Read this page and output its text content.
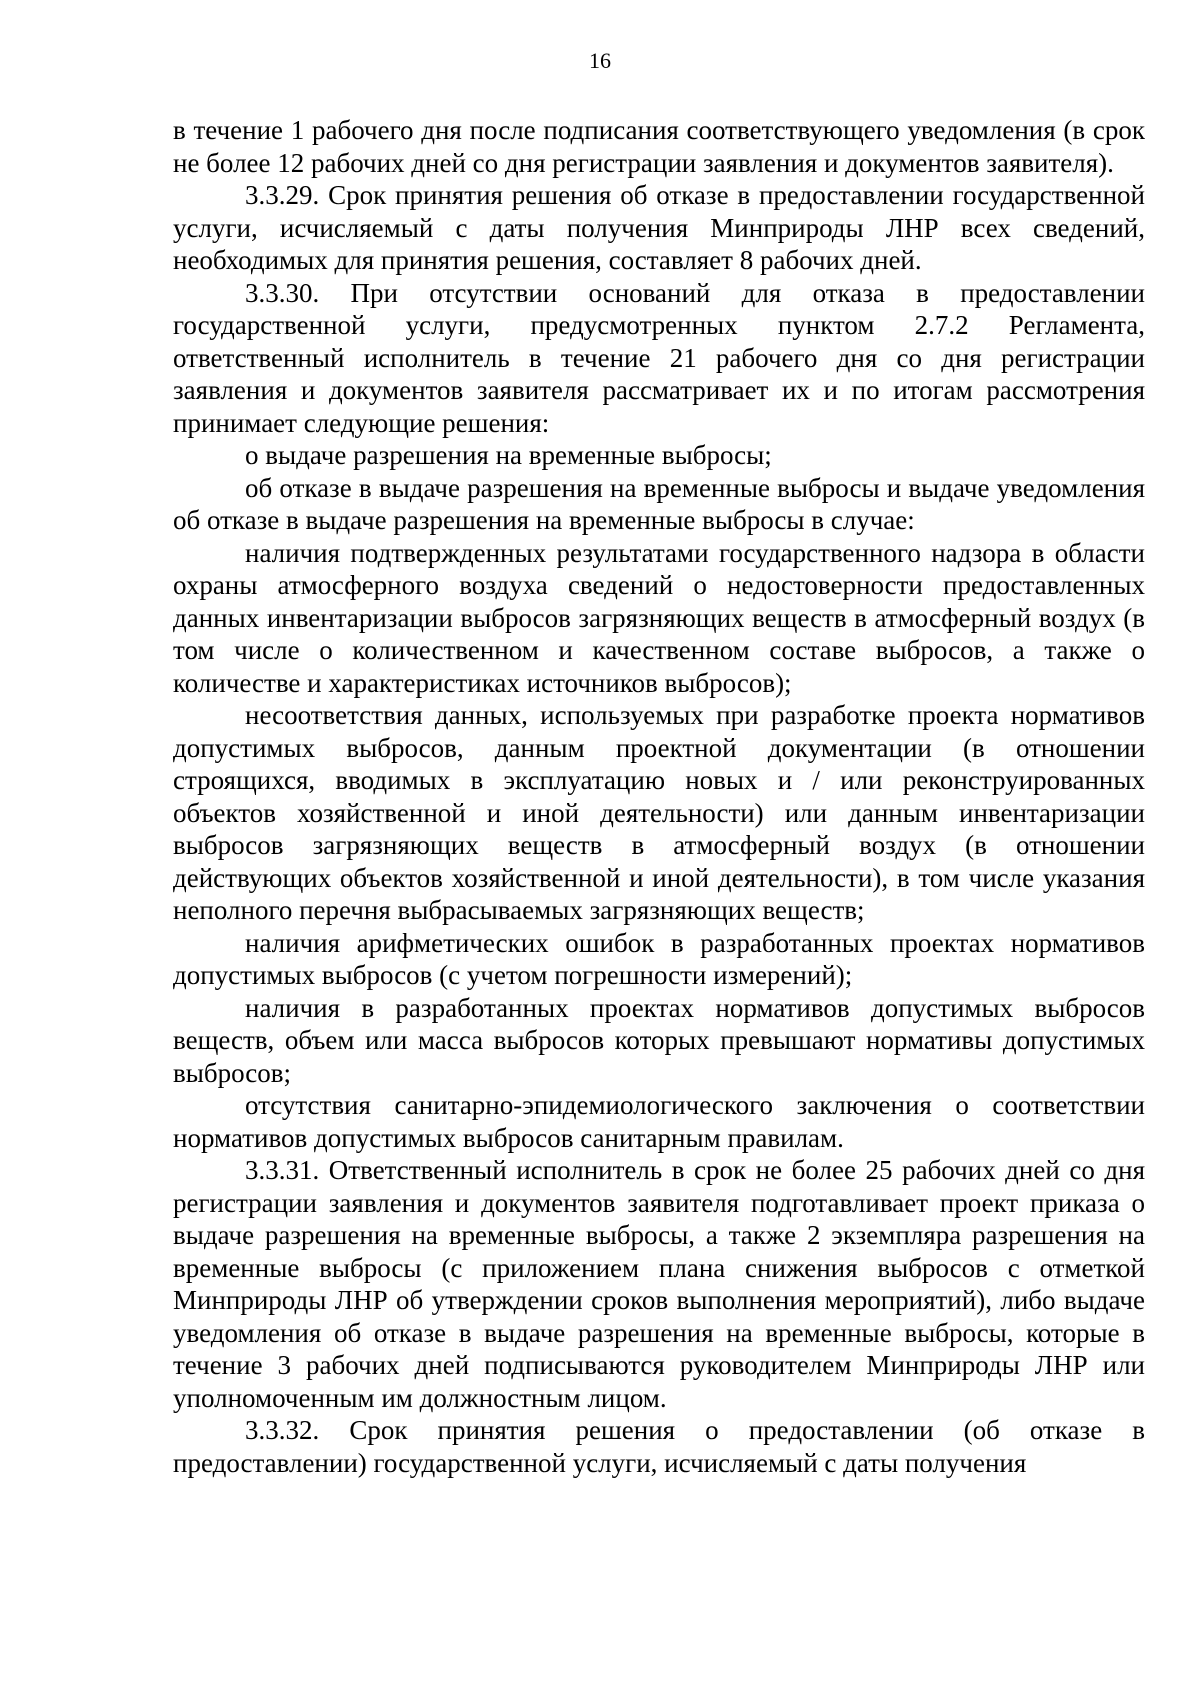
16

в течение 1 рабочего дня после подписания соответствующего уведомления (в срок не более 12 рабочих дней со дня регистрации заявления и документов заявителя).

3.3.29. Срок принятия решения об отказе в предоставлении государственной услуги, исчисляемый с даты получения Минприроды ЛНР всех сведений, необходимых для принятия решения, составляет 8 рабочих дней.

3.3.30. При отсутствии оснований для отказа в предоставлении государственной услуги, предусмотренных пунктом 2.7.2 Регламента, ответственный исполнитель в течение 21 рабочего дня со дня регистрации заявления и документов заявителя рассматривает их и по итогам рассмотрения принимает следующие решения:

о выдаче разрешения на временные выбросы;

об отказе в выдаче разрешения на временные выбросы и выдаче уведомления об отказе в выдаче разрешения на временные выбросы в случае:

наличия подтвержденных результатами государственного надзора в области охраны атмосферного воздуха сведений о недостоверности предоставленных данных инвентаризации выбросов загрязняющих веществ в атмосферный воздух (в том числе о количественном и качественном составе выбросов, а также о количестве и характеристиках источников выбросов);

несоответствия данных, используемых при разработке проекта нормативов допустимых выбросов, данным проектной документации (в отношении строящихся, вводимых в эксплуатацию новых и / или реконструированных объектов хозяйственной и иной деятельности) или данным инвентаризации выбросов загрязняющих веществ в атмосферный воздух (в отношении действующих объектов хозяйственной и иной деятельности), в том числе указания неполного перечня выбрасываемых загрязняющих веществ;

наличия арифметических ошибок в разработанных проектах нормативов допустимых выбросов (с учетом погрешности измерений);

наличия в разработанных проектах нормативов допустимых выбросов веществ, объем или масса выбросов которых превышают нормативы допустимых выбросов;

отсутствия санитарно-эпидемиологического заключения о соответствии нормативов допустимых выбросов санитарным правилам.

3.3.31. Ответственный исполнитель в срок не более 25 рабочих дней со дня регистрации заявления и документов заявителя подготавливает проект приказа о выдаче разрешения на временные выбросы, а также 2 экземпляра разрешения на временные выбросы (с приложением плана снижения выбросов с отметкой Минприроды ЛНР об утверждении сроков выполнения мероприятий), либо выдаче уведомления об отказе в выдаче разрешения на временные выбросы, которые в течение 3 рабочих дней подписываются руководителем Минприроды ЛНР или уполномоченным им должностным лицом.

3.3.32. Срок принятия решения о предоставлении (об отказе в предоставлении) государственной услуги, исчисляемый с даты получения
